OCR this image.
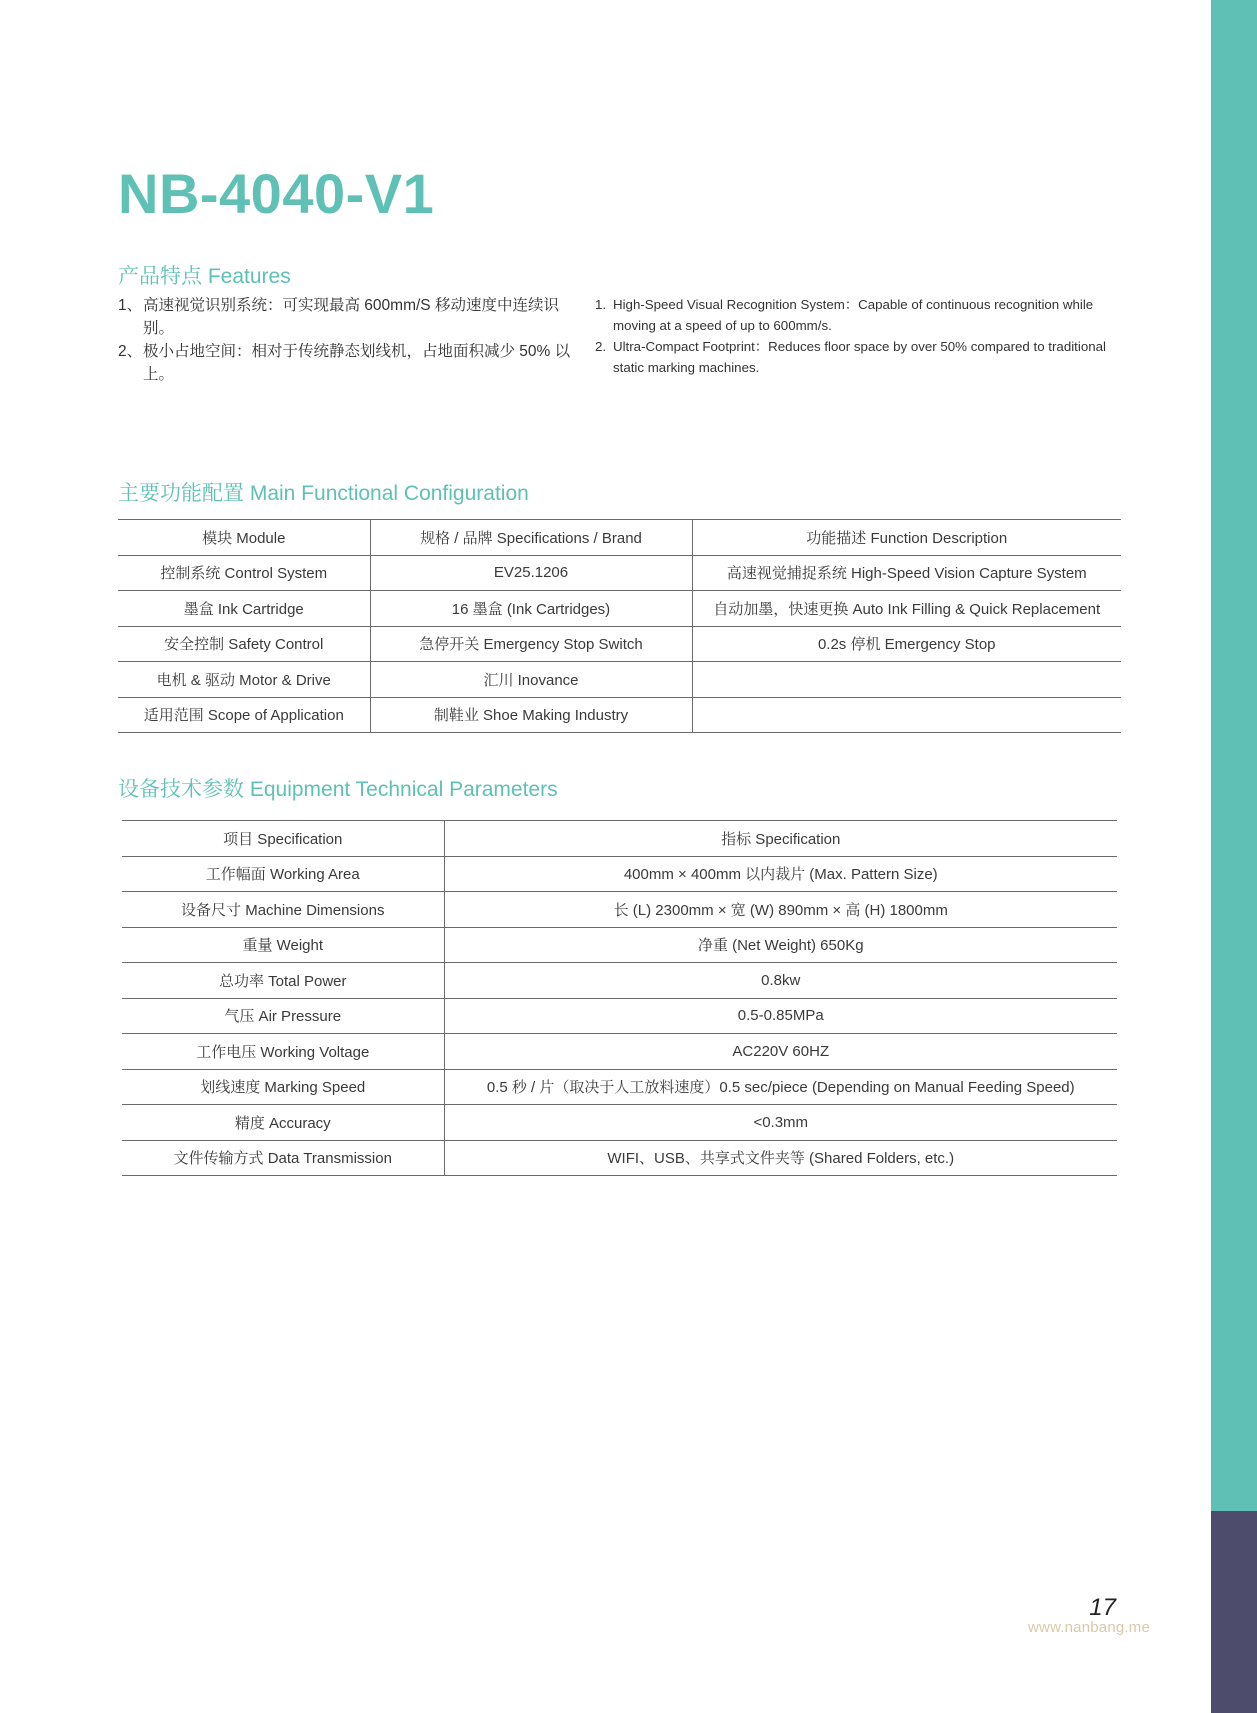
NB-4040-V1
产品特点 Features
1、 高速视觉识别系统：可实现最高 600mm/S 移动速度中连续识别。
2、 极小占地空间：相对于传统静态划线机，占地面积减少 50% 以上。
1. High-Speed Visual Recognition System：Capable of continuous recognition while moving at a speed of up to 600mm/s.
2. Ultra-Compact Footprint：Reduces floor space by over 50% compared to traditional static marking machines.
主要功能配置 Main Functional Configuration
模块 Module	规格 / 品牌 Specifications / Brand	功能描述 Function Description
控制系统 Control System	EV25.1206	高速视觉捕捉系统 High-Speed Vision Capture System
墨盒 Ink Cartridge	16 墨盒 (Ink Cartridges)	自动加墨，快速更换 Auto Ink Filling & Quick Replacement
安全控制 Safety Control	急停开关 Emergency Stop Switch	0.2s 停机 Emergency Stop
电机 & 驱动 Motor & Drive	汇川 Inovance	
适用范围 Scope of Application	制鞋业 Shoe Making Industry	
设备技术参数 Equipment Technical Parameters
项目 Specification	指标 Specification
工作幅面 Working Area	400mm × 400mm 以内裁片 (Max. Pattern Size)
设备尺寸 Machine Dimensions	长 (L) 2300mm × 宽 (W) 890mm × 高 (H) 1800mm
重量 Weight	净重 (Net Weight) 650Kg
总功率 Total Power	0.8kw
气压 Air Pressure	0.5-0.85MPa
工作电压 Working Voltage	AC220V 60HZ
划线速度 Marking Speed	0.5 秒 / 片（取决于人工放料速度）0.5 sec/piece (Depending on Manual Feeding Speed)
精度 Accuracy	<0.3mm
文件传输方式 Data Transmission	WIFI、USB、共享式文件夹等 (Shared Folders, etc.)
17
www.nanbang.me
